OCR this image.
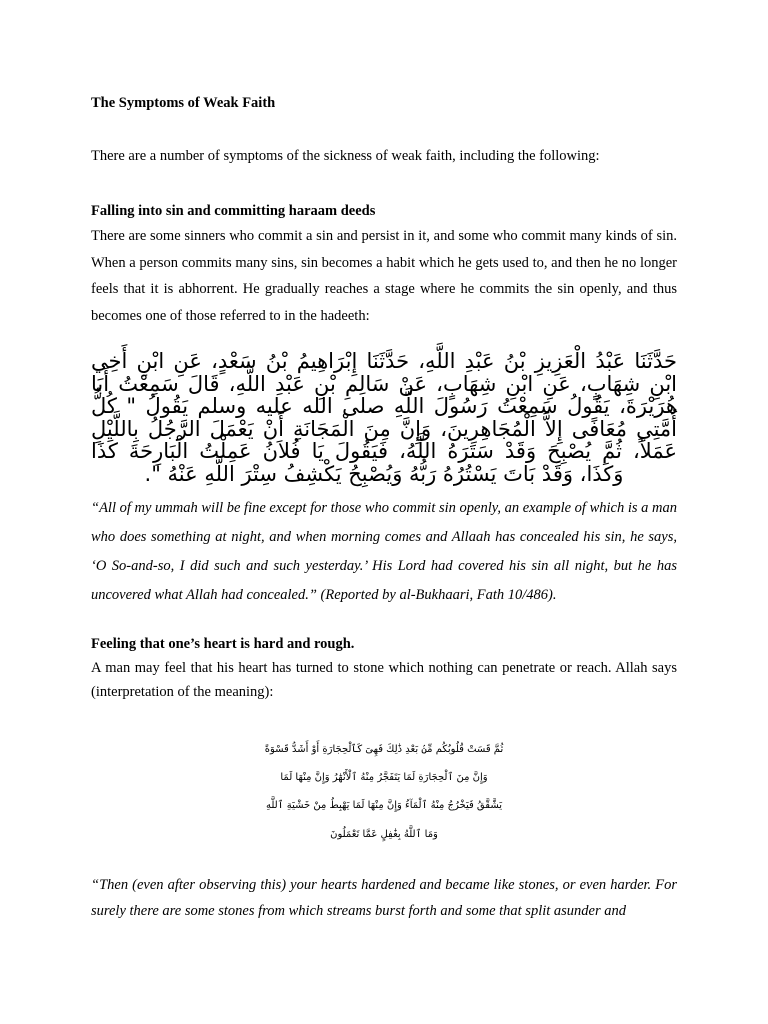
The Symptoms of Weak Faith

There are a number of symptoms of the sickness of weak faith, including the following:

Falling into sin and committing haraam deeds

There are some sinners who commit a sin and persist in it, and some who commit many kinds of sin. When a person commits many sins, sin becomes a habit which he gets used to, and then he no longer feels that it is abhorrent. He gradually reaches a stage where he commits the sin openly, and thus becomes one of those referred to in the hadeeth:

حَدَّثَنَا عَبْدُ الْعَزِيزِ بْنُ عَبْدِ اللَّهِ، حَدَّثَنَا إِبْرَاهِيمُ بْنُ سَعْدٍ، عَنِ ابْنِ أَخِي ابْنِ شِهَابٍ، عَنِ ابْنِ شِهَابٍ، عَنْ سَالِمِ بْنِ عَبْدِ اللَّهِ، قَالَ سَمِعْتُ أَبَا هُرَيْرَةَ، يَقُولُ سَمِعْتُ رَسُولَ اللَّهِ صلى الله عليه وسلم يَقُولُ " كُلُّ أُمَّتِي مُعَافًى إِلاَّ الْمُجَاهِرِينَ، وَإِنَّ مِنَ الْمَجَانَةِ أَنْ يَعْمَلَ الرَّجُلُ بِاللَّيْلِ عَمَلاً، ثُمَّ يُصْبِحَ وَقَدْ سَتَرَهُ اللَّهُ، فَيَقُولَ يَا فُلاَنُ عَمِلْتُ الْبَارِحَةَ كَذَا وَكَذَا، وَقَدْ بَاتَ يَسْتُرُهُ رَبُّهُ وَيُصْبِحُ يَكْشِفُ سِتْرَ اللَّهِ عَنْهُ ".

“All of my ummah will be fine except for those who commit sin openly, an example of which is a man who does something at night, and when morning comes and Allaah has concealed his sin, he says, ‘O So-and-so, I did such and such yesterday.’ His Lord had covered his sin all night, but he has uncovered what Allah had concealed.” (Reported by al-Bukhaari, Fath 10/486).

Feeling that one’s heart is hard and rough.

A man may feel that his heart has turned to stone which nothing can penetrate or reach. Allah says (interpretation of the meaning):

ثُمَّ قَسَتْ قُلُوبُكُم مِّنۢ بَعْدِ ذَٰلِكَ فَهِىَ كَٱلْحِجَارَةِ أَوْ أَشَدُّ قَسْوَةً
وَإِنَّ مِنَ ٱلْحِجَارَةِ لَمَا يَتَفَجَّرُ مِنْهُ ٱلْأَنْهَٰرُ وَإِنَّ مِنْهَا لَمَا
يَشَّقَّقُ فَيَخْرُجُ مِنْهُ ٱلْمَآءُ وَإِنَّ مِنْهَا لَمَا يَهْبِطُ مِنْ خَشْيَةِ ٱللَّهِ
وَمَا ٱللَّهُ بِغَٰفِلٍ عَمَّا تَعْمَلُونَ

“Then (even after observing this) your hearts hardened and became like stones, or even harder. For surely there are some stones from which streams burst forth and some that split asunder and
